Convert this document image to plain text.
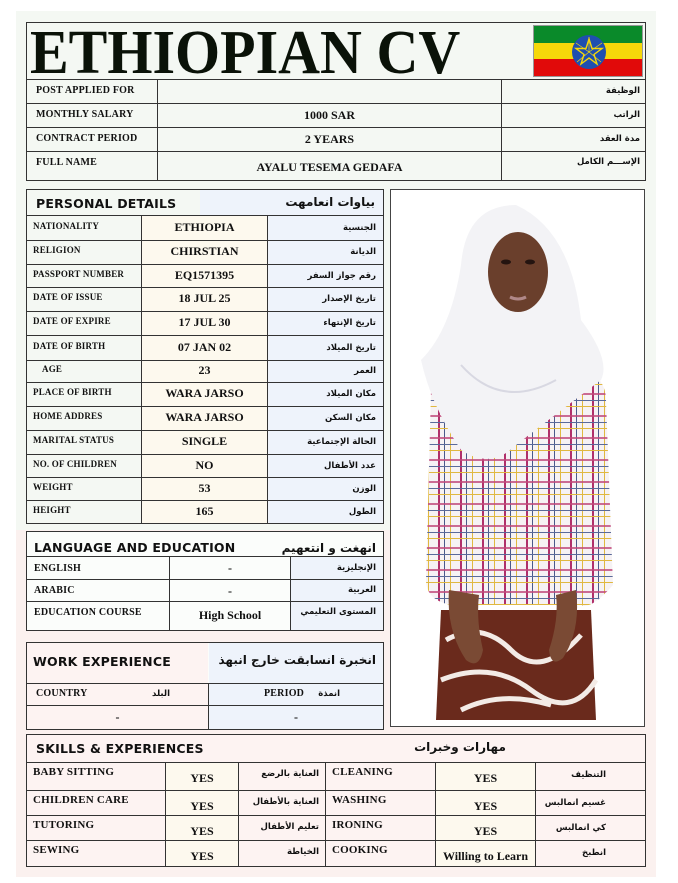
ETHIOPIAN CV
POST APPLIED FOR	الوظيفة
MONTHLY SALARY	1000 SAR	الراتب
CONTRACT PERIOD	2 YEARS	مدة العقد
FULL NAME	AYALU TESEMA GEDAFA	الإســـم الكامل
PERSONAL DETAILS	بياوات انعامهت
NATIONALITY	ETHIOPIA	الجنسية
RELIGION	CHIRSTIAN	الديانة
PASSPORT NUMBER	EQ1571395	رقم جواز السفر
DATE OF ISSUE	18 JUL 25	تاريخ الإصدار
DATE OF EXPIRE	17 JUL 30	تاريخ الإنتهاء
DATE OF BIRTH	07 JAN 02	تاريخ الميلاد
AGE	23	العمر
PLACE OF BIRTH	WARA JARSO	مكان الميلاد
HOME ADDRES	WARA JARSO	مكان السكن
MARITAL STATUS	SINGLE	الحالة الإجتماعية
NO. OF CHILDREN	NO	عدد الأطفال
WEIGHT	53	الوزن
HEIGHT	165	الطول
LANGUAGE AND EDUCATION	انهغت و انتعهيم
ENGLISH	-	الإنجليزية
ARABIC	-	العربية
EDUCATION COURSE	High School	المستوى التعليمي
WORK EXPERIENCE	انخبرة انسابقت خارج انبهذ
COUNTRY	البلد	PERIOD	انمذة
-	-
SKILLS & EXPERIENCES	مهارات وخبرات
BABY SITTING	YES	العناية بالرضع CLEANING	YES	التنظيف
CHILDREN CARE	YES	العناية بالأطفال WASHING	YES	غسيم انمالبس
TUTORING	YES	تعليم الأطفال IRONING	YES	كي انمالبس
SEWING	YES	الخياطة COOKING	Willing to Learn	انطبخ
